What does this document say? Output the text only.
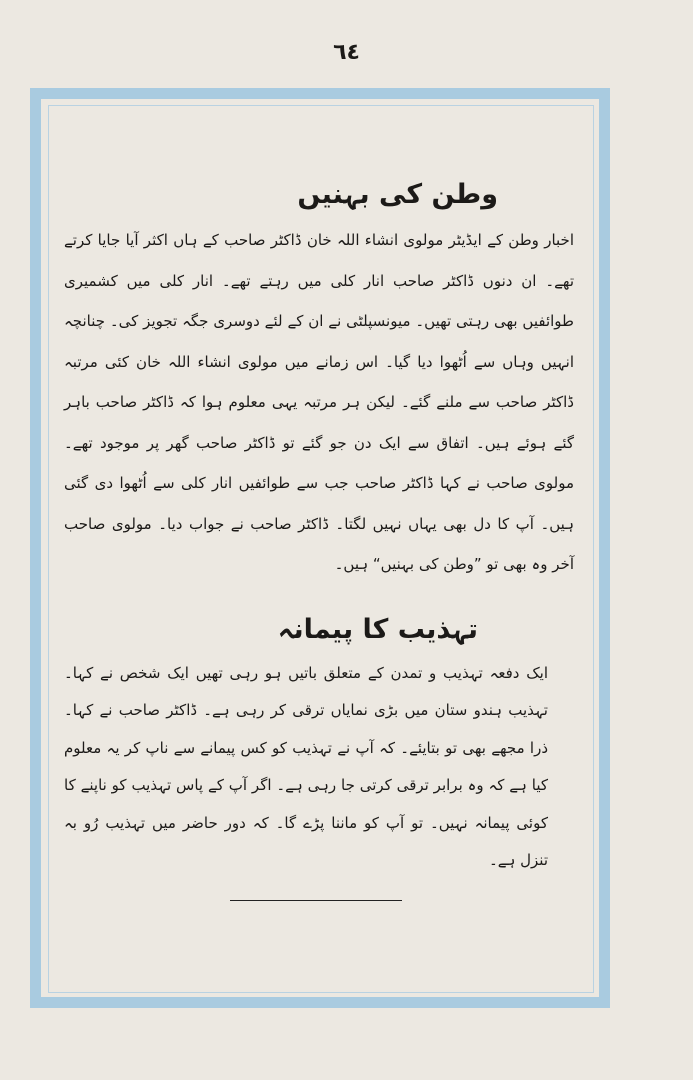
٦٤
وطن کی بہنیں

اخبار وطن کے ایڈیٹر مولوی انشاء اللہ خان ڈاکٹر صاحب کے ہاں اکثر آیا جایا کرتے تھے۔ ان دنوں ڈاکٹر صاحب انار کلی میں رہتے تھے۔ انار کلی میں کشمیری طوائفیں بھی رہتی تھیں۔ میونسپلٹی نے ان کے لئے دوسری جگہ تجویز کی۔ چنانچہ انہیں وہاں سے اُٹھوا دیا گیا۔ اس زمانے میں مولوی انشاء اللہ خان کئی مرتبہ ڈاکٹر صاحب سے ملنے گئے۔ لیکن ہر مرتبہ یہی معلوم ہوا کہ ڈاکٹر صاحب باہر گئے ہوئے ہیں۔ اتفاق سے ایک دن جو گئے تو ڈاکٹر صاحب گھر پر موجود تھے۔ مولوی صاحب نے کہا ڈاکٹر صاحب جب سے طوائفیں انار کلی سے اُٹھوا دی گئی ہیں۔ آپ کا دل بھی یہاں نہیں لگتا۔ ڈاکٹر صاحب نے جواب دیا۔ مولوی صاحب آخر وہ بھی تو ”وطن کی بہنیں“ ہیں۔

تہذیب کا پیمانہ

ایک دفعہ تہذیب و تمدن کے متعلق باتیں ہو رہی تھیں ایک شخص نے کہا۔ تہذیب ہندو ستان میں بڑی نمایاں ترقی کر رہی ہے۔ ڈاکٹر صاحب نے کہا۔ ذرا مجھے بھی تو بتایئے۔ کہ آپ نے تہذیب کو کس پیمانے سے ناپ کر یہ معلوم کیا ہے کہ وہ برابر ترقی کرتی جا رہی ہے۔ اگر آپ کے پاس تہذیب کو ناپنے کا کوئی پیمانہ نہیں۔ تو آپ کو ماننا پڑے گا۔ کہ دور حاضر میں تہذیب رُو بہ تنزل ہے۔
